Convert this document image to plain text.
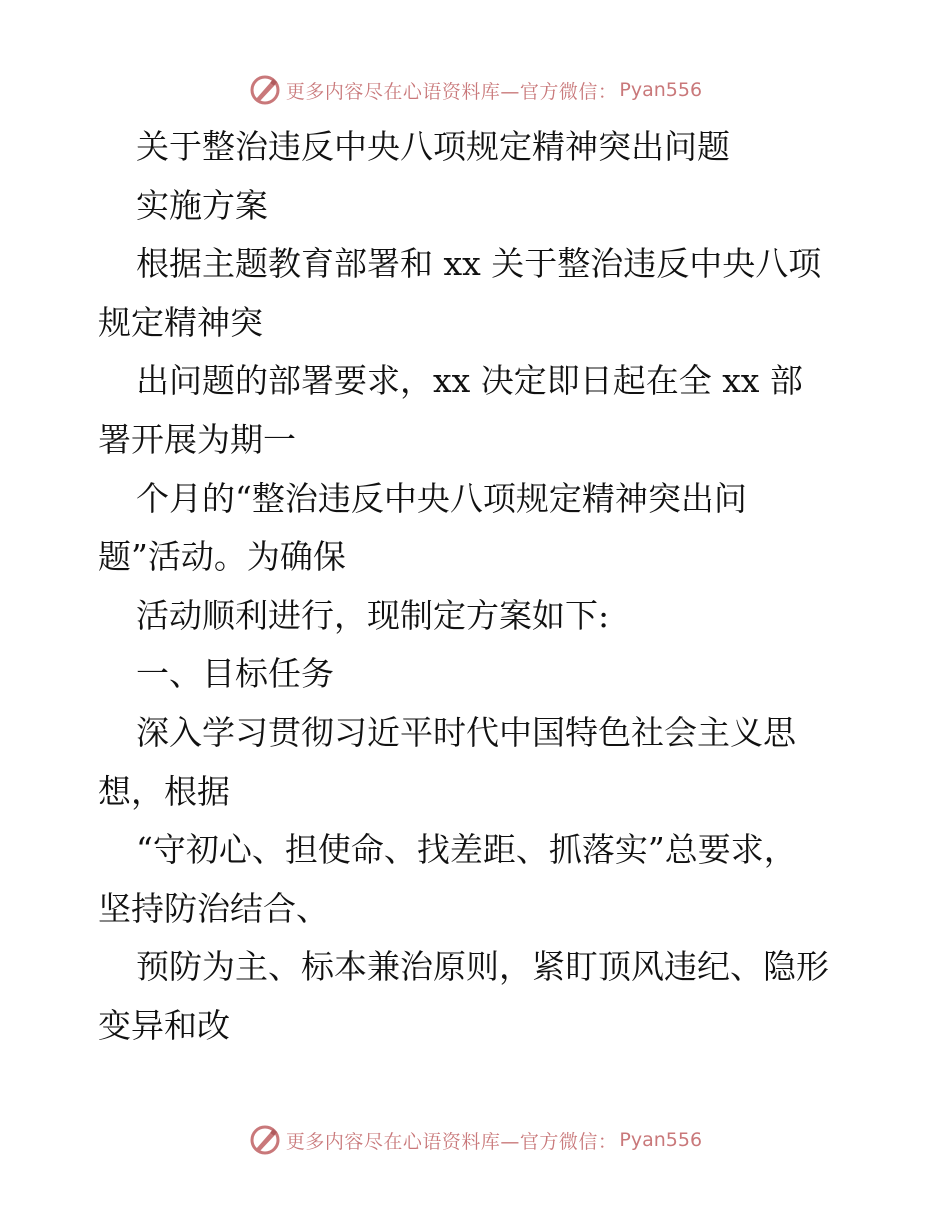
更多内容尽在心语资料库—官方微信： Pyan556
关于整治违反中央八项规定精神突出问题
实施方案
根据主题教育部署和 xx 关于整治违反中央八项
规定精神突
出问题的部署要求，xx 决定即日起在全 xx 部
署开展为期一
个月的“整治违反中央八项规定精神突出问
题”活动。为确保
活动顺利进行，现制定方案如下:
一、目标任务
深入学习贯彻习近平时代中国特色社会主义思
想，根据
“守初心、担使命、找差距、抓落实”总要求，
坚持防治结合、
预防为主、标本兼治原则，紧盯顶风违纪、隐形
变异和改
更多内容尽在心语资料库—官方微信： Pyan556
